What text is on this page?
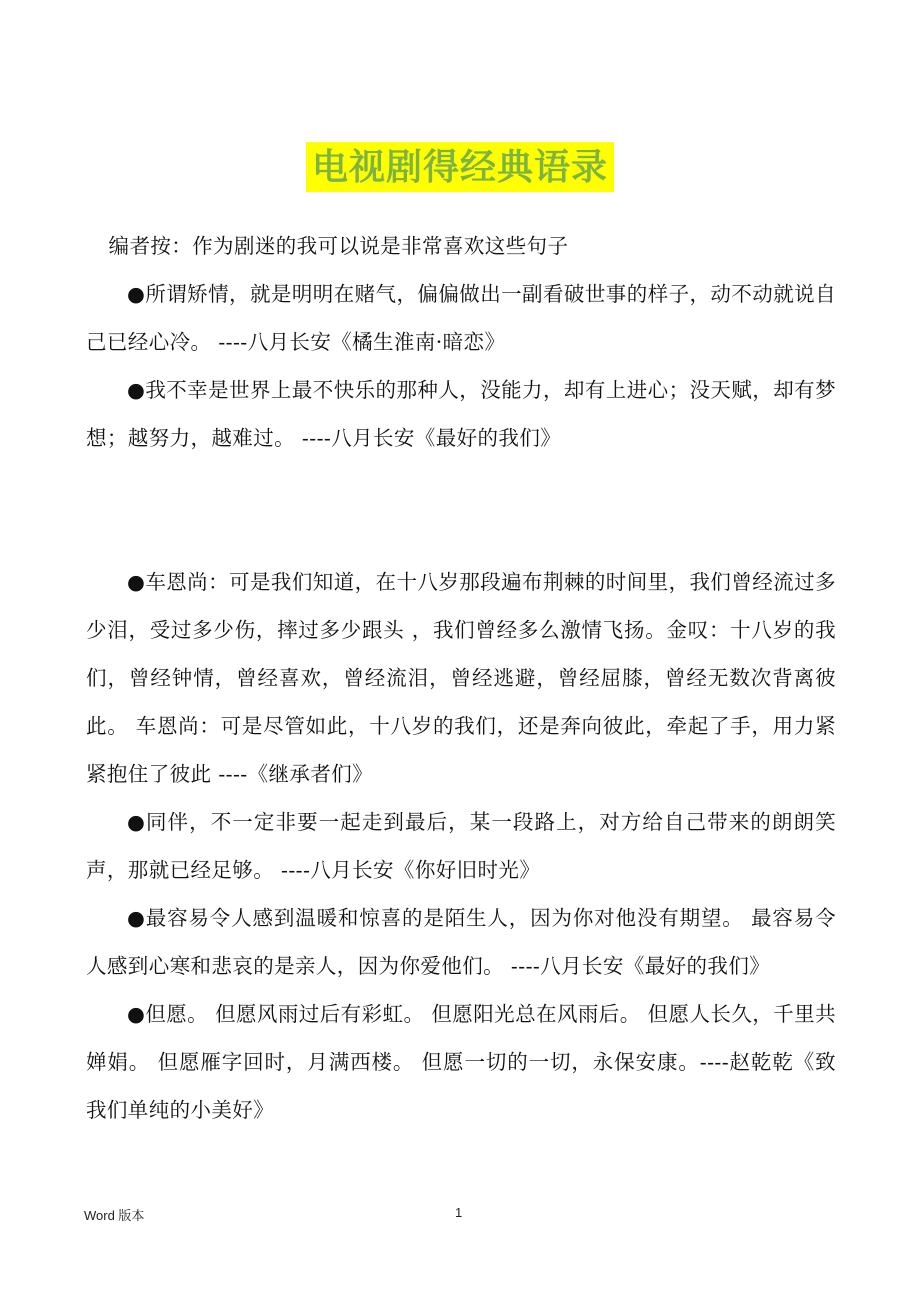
电视剧得经典语录

编者按：作为剧迷的我可以说是非常喜欢这些句子

●所谓矫情，就是明明在赌气，偏偏做出一副看破世事的样子，动不动就说自己已经心冷。 ----八月长安《橘生淮南·暗恋》

●我不幸是世界上最不快乐的那种人，没能力，却有上进心；没天赋，却有梦想；越努力，越难过。 ----八月长安《最好的我们》

●车恩尚：可是我们知道，在十八岁那段遍布荆棘的时间里，我们曾经流过多少泪，受过多少伤，摔过多少跟头 ，我们曾经多么激情飞扬。金叹：十八岁的我们，曾经钟情，曾经喜欢，曾经流泪，曾经逃避，曾经屈膝，曾经无数次背离彼此。 车恩尚：可是尽管如此，十八岁的我们，还是奔向彼此，牵起了手，用力紧紧抱住了彼此 ----《继承者们》

●同伴，不一定非要一起走到最后，某一段路上，对方给自己带来的朗朗笑声，那就已经足够。 ----八月长安《你好旧时光》

●最容易令人感到温暖和惊喜的是陌生人，因为你对他没有期望。 最容易令人感到心寒和悲哀的是亲人，因为你爱他们。 ----八月长安《最好的我们》

●但愿。 但愿风雨过后有彩虹。 但愿阳光总在风雨后。 但愿人长久，千里共婵娟。 但愿雁字回时，月满西楼。 但愿一切的一切，永保安康。----赵乾乾《致我们单纯的小美好》

Word 版本	1
